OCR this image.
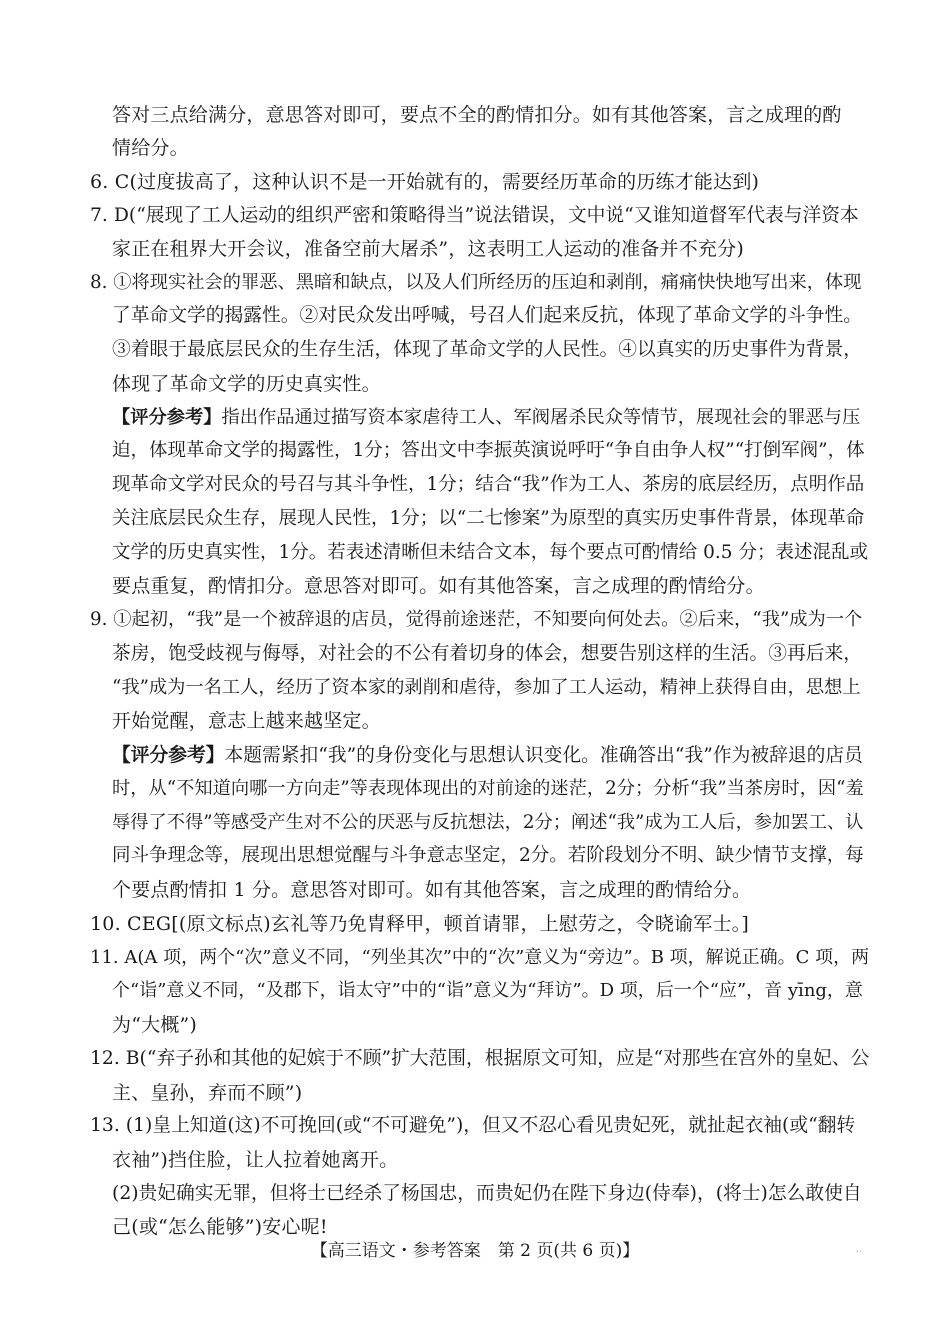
答对三点给满分，意思答对即可，要点不全的酌情扣分。如有其他答案，言之成理的酌
情给分。
6. C(过度拔高了，这种认识不是一开始就有的，需要经历革命的历练才能达到)
7. D(“展现了工人运动的组织严密和策略得当”说法错误，文中说“又谁知道督军代表与洋资本
家正在租界大开会议，准备空前大屠杀”，这表明工人运动的准备并不充分)
8. ①将现实社会的罪恶、黑暗和缺点，以及人们所经历的压迫和剥削，痛痛快快地写出来，体现
了革命文学的揭露性。②对民众发出呼喊，号召人们起来反抗，体现了革命文学的斗争性。
③着眼于最底层民众的生存生活，体现了革命文学的人民性。④以真实的历史事件为背景，
体现了革命文学的历史真实性。
【评分参考】指出作品通过描写资本家虐待工人、军阀屠杀民众等情节，展现社会的罪恶与压
迫，体现革命文学的揭露性，1分；答出文中李振英演说呼吁“争自由争人权”“打倒军阀”，体
现革命文学对民众的号召与其斗争性，1分；结合“我”作为工人、茶房的底层经历，点明作品
关注底层民众生存，展现人民性，1分；以“二七惨案”为原型的真实历史事件背景，体现革命
文学的历史真实性，1分。若表述清晰但未结合文本，每个要点可酌情给 0.5 分；表述混乱或
要点重复，酌情扣分。意思答对即可。如有其他答案，言之成理的酌情给分。
9. ①起初，“我”是一个被辞退的店员，觉得前途迷茫，不知要向何处去。②后来，“我”成为一个
茶房，饱受歧视与侮辱，对社会的不公有着切身的体会，想要告别这样的生活。③再后来，
“我”成为一名工人，经历了资本家的剥削和虐待，参加了工人运动，精神上获得自由，思想上
开始觉醒，意志上越来越坚定。
【评分参考】本题需紧扣“我”的身份变化与思想认识变化。准确答出“我”作为被辞退的店员
时，从“不知道向哪一方向走”等表现体现出的对前途的迷茫，2分；分析“我”当茶房时，因“羞
辱得了不得”等感受产生对不公的厌恶与反抗想法，2分；阐述“我”成为工人后，参加罢工、认
同斗争理念等，展现出思想觉醒与斗争意志坚定，2分。若阶段划分不明、缺少情节支撑，每
个要点酌情扣 1 分。意思答对即可。如有其他答案，言之成理的酌情给分。
10. CEG[(原文标点)玄礼等乃免胄释甲，顿首请罪，上慰劳之，令晓谕军士。]
11. A(A 项，两个“次”意义不同，“列坐其次”中的“次”意义为“旁边”。B 项，解说正确。C 项，两
个“诣”意义不同，“及郡下，诣太守”中的“诣”意义为“拜访”。D 项，后一个“应”，音 yīng，意
为“大概”)
12. B(“弃子孙和其他的妃嫔于不顾”扩大范围，根据原文可知，应是“对那些在宫外的皇妃、公
主、皇孙，弃而不顾”)
13. (1)皇上知道(这)不可挽回(或“不可避免”)，但又不忍心看见贵妃死，就扯起衣袖(或“翻转
衣袖”)挡住脸，让人拉着她离开。
(2)贵妃确实无罪，但将士已经杀了杨国忠，而贵妃仍在陛下身边(侍奉)，(将士)怎么敢使自
己(或“怎么能够”)安心呢!
【高三语文・参考答案　第 2 页(共 6 页)】	..
